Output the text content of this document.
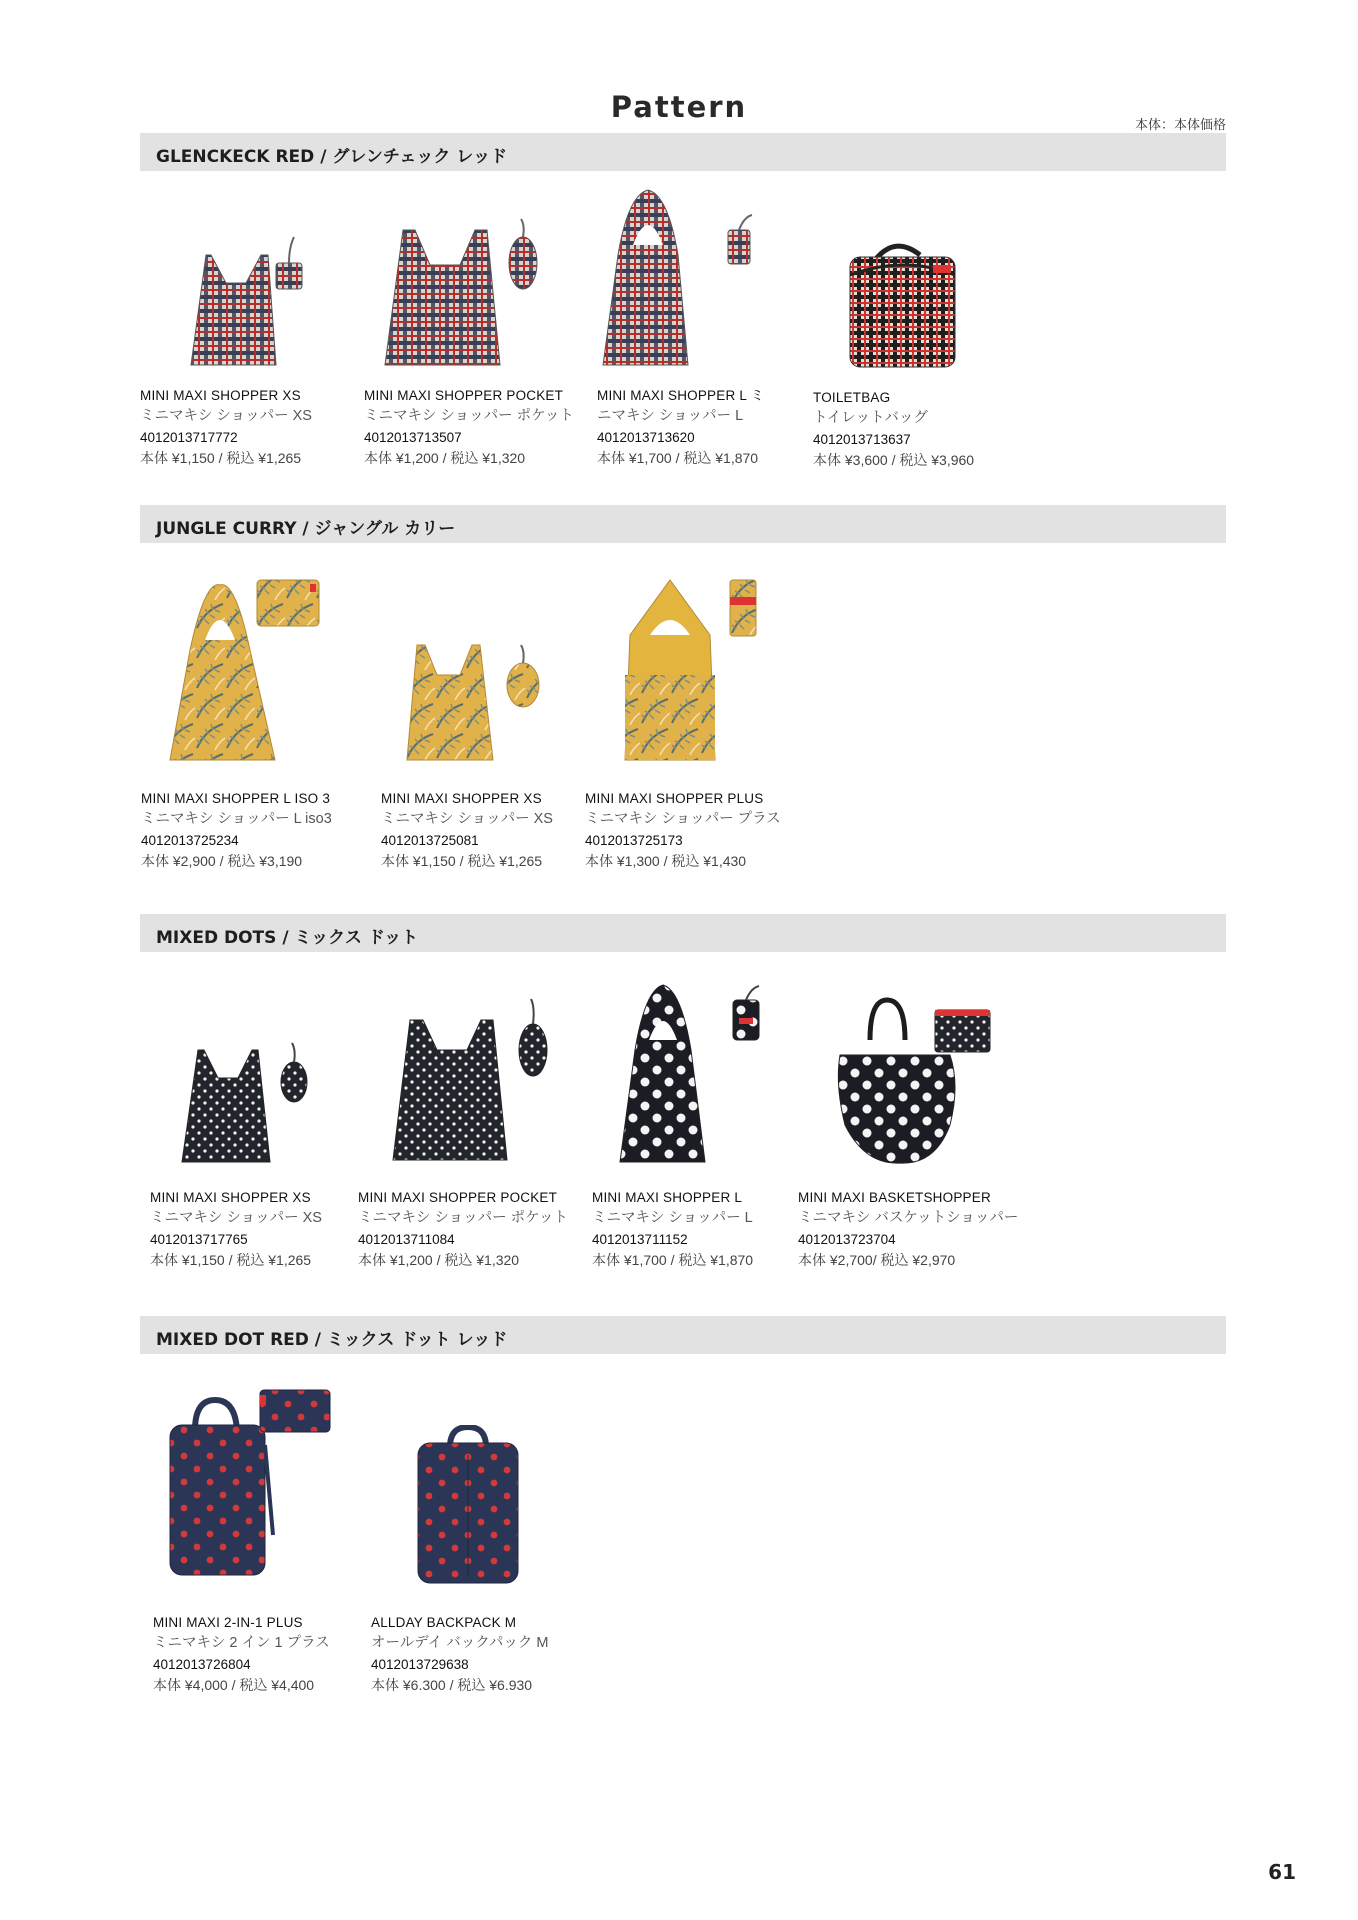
Pattern
本体：本体価格
GLENCKECK RED / グレンチェック レッド
MINI MAXI SHOPPER XS
ミニマキシ ショッパー XS
4012013717772
本体 ¥1,150 / 税込 ¥1,265
MINI MAXI SHOPPER POCKET
ミニマキシ ショッパー ポケット
4012013713507
本体 ¥1,200 / 税込 ¥1,320
MINI MAXI SHOPPER L ミ
ニマキシ ショッパー L
4012013713620
本体 ¥1,700 / 税込 ¥1,870
TOILETBAG
トイレットバッグ
4012013713637
本体 ¥3,600 / 税込 ¥3,960
JUNGLE CURRY / ジャングル カリー
MINI MAXI SHOPPER L ISO 3
ミニマキシ ショッパー L iso3
4012013725234
本体 ¥2,900 / 税込 ¥3,190
MINI MAXI SHOPPER XS
ミニマキシ ショッパー XS
4012013725081
本体 ¥1,150 / 税込 ¥1,265
MINI MAXI SHOPPER PLUS
ミニマキシ ショッパー プラス
4012013725173
本体 ¥1,300 / 税込 ¥1,430
MIXED DOTS / ミックス ドット
MINI MAXI SHOPPER XS
ミニマキシ ショッパー XS
4012013717765
本体 ¥1,150 / 税込 ¥1,265
MINI MAXI SHOPPER POCKET
ミニマキシ ショッパー ポケット
4012013711084
本体 ¥1,200 / 税込 ¥1,320
MINI MAXI SHOPPER L
ミニマキシ ショッパー L
4012013711152
本体 ¥1,700 / 税込 ¥1,870
MINI MAXI BASKETSHOPPER
ミニマキシ バスケットショッパー
4012013723704
本体 ¥2,700/ 税込 ¥2,970
MIXED DOT RED / ミックス ドット レッド
MINI MAXI 2-IN-1 PLUS
ミニマキシ 2 イン 1 プラス
4012013726804
本体 ¥4,000 / 税込 ¥4,400
ALLDAY BACKPACK M
オールデイ バックパック M
4012013729638
本体 ¥6.300 / 税込 ¥6.930
61
